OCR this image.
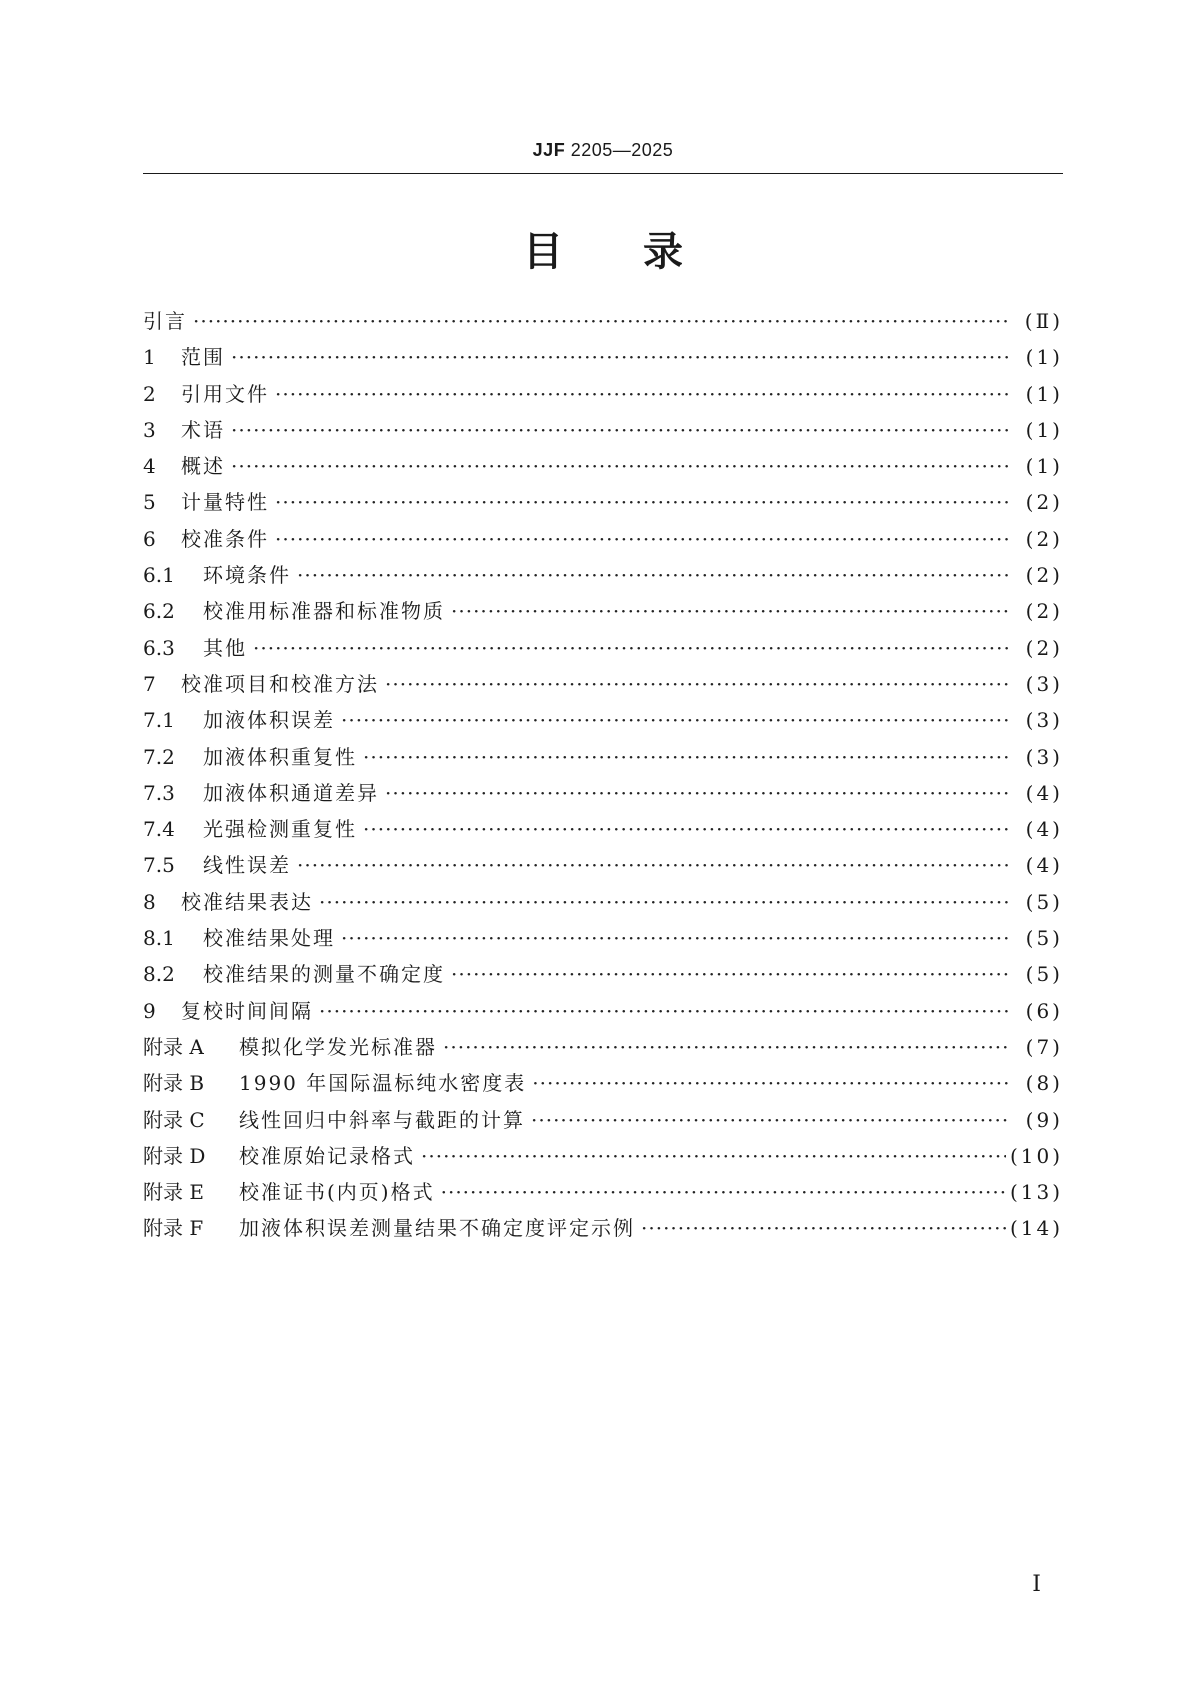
JJF 2205—2025
目 录
引言 ·····	(Ⅱ)
1	范围 ·····	(1)
2	引用文件 ·····	(1)
3	术语 ·····	(1)
4	概述 ·····	(1)
5	计量特性 ·····	(2)
6	校准条件 ·····	(2)
6.1	环境条件 ·····	(2)
6.2	校准用标准器和标准物质 ·····	(2)
6.3	其他 ·····	(2)
7	校准项目和校准方法 ·····	(3)
7.1	加液体积误差 ·····	(3)
7.2	加液体积重复性 ·····	(3)
7.3	加液体积通道差异 ·····	(4)
7.4	光强检测重复性 ·····	(4)
7.5	线性误差 ·····	(4)
8	校准结果表达 ·····	(5)
8.1	校准结果处理 ·····	(5)
8.2	校准结果的测量不确定度 ·····	(5)
9	复校时间间隔 ·····	(6)
附录 A	模拟化学发光标准器 ·····	(7)
附录 B	1990 年国际温标纯水密度表 ·····	(8)
附录 C	线性回归中斜率与截距的计算 ·····	(9)
附录 D	校准原始记录格式 ·····	(10)
附录 E	校准证书(内页)格式 ·····	(13)
附录 F	加液体积误差测量结果不确定度评定示例 ·····	(14)
Ⅰ
